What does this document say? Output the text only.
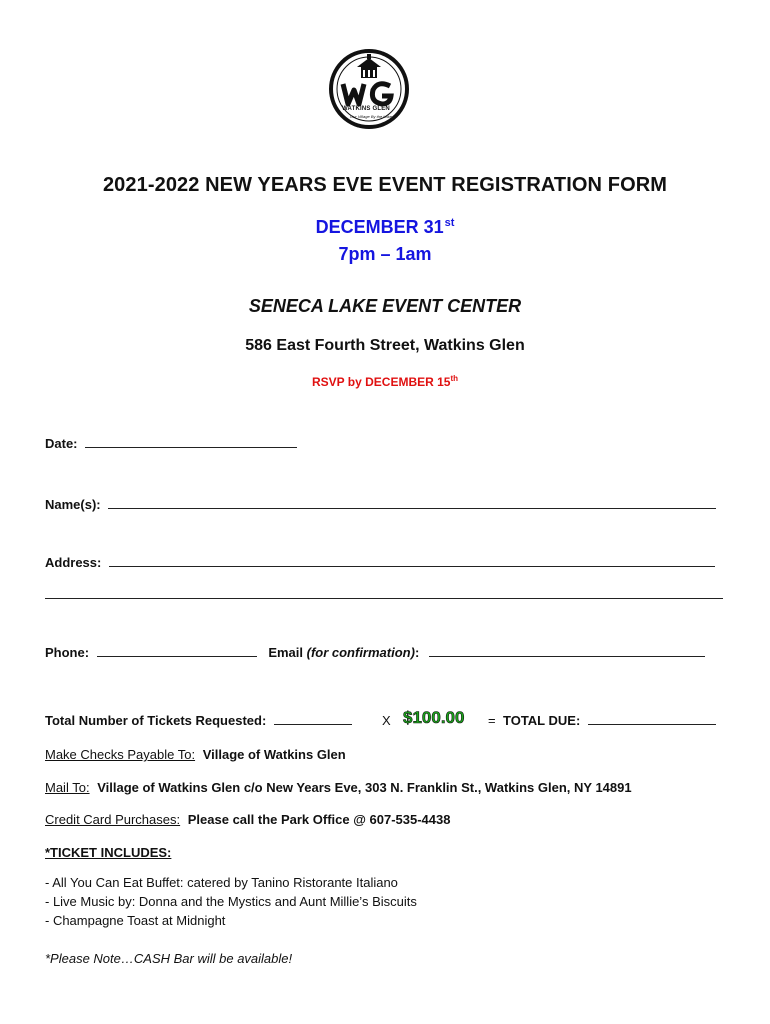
WATKINS GLEN
Our Village By the Lake
2021-2022 NEW YEARS EVE EVENT REGISTRATION FORM
DECEMBER 31st
7pm – 1am
SENECA LAKE EVENT CENTER
586 East Fourth Street, Watkins Glen
RSVP by DECEMBER 15th
Date:
Name(s):
Address:
Phone:	Email (for confirmation):
Total Number of Tickets Requested:	X $100.00 = TOTAL DUE:
Make Checks Payable To: Village of Watkins Glen
Mail To: Village of Watkins Glen c/o New Years Eve, 303 N. Franklin St., Watkins Glen, NY 14891
Credit Card Purchases: Please call the Park Office @ 607-535-4438
*TICKET INCLUDES:
- All You Can Eat Buffet: catered by Tanino Ristorante Italiano
- Live Music by: Donna and the Mystics and Aunt Millie’s Biscuits
- Champagne Toast at Midnight
*Please Note…CASH Bar will be available!
